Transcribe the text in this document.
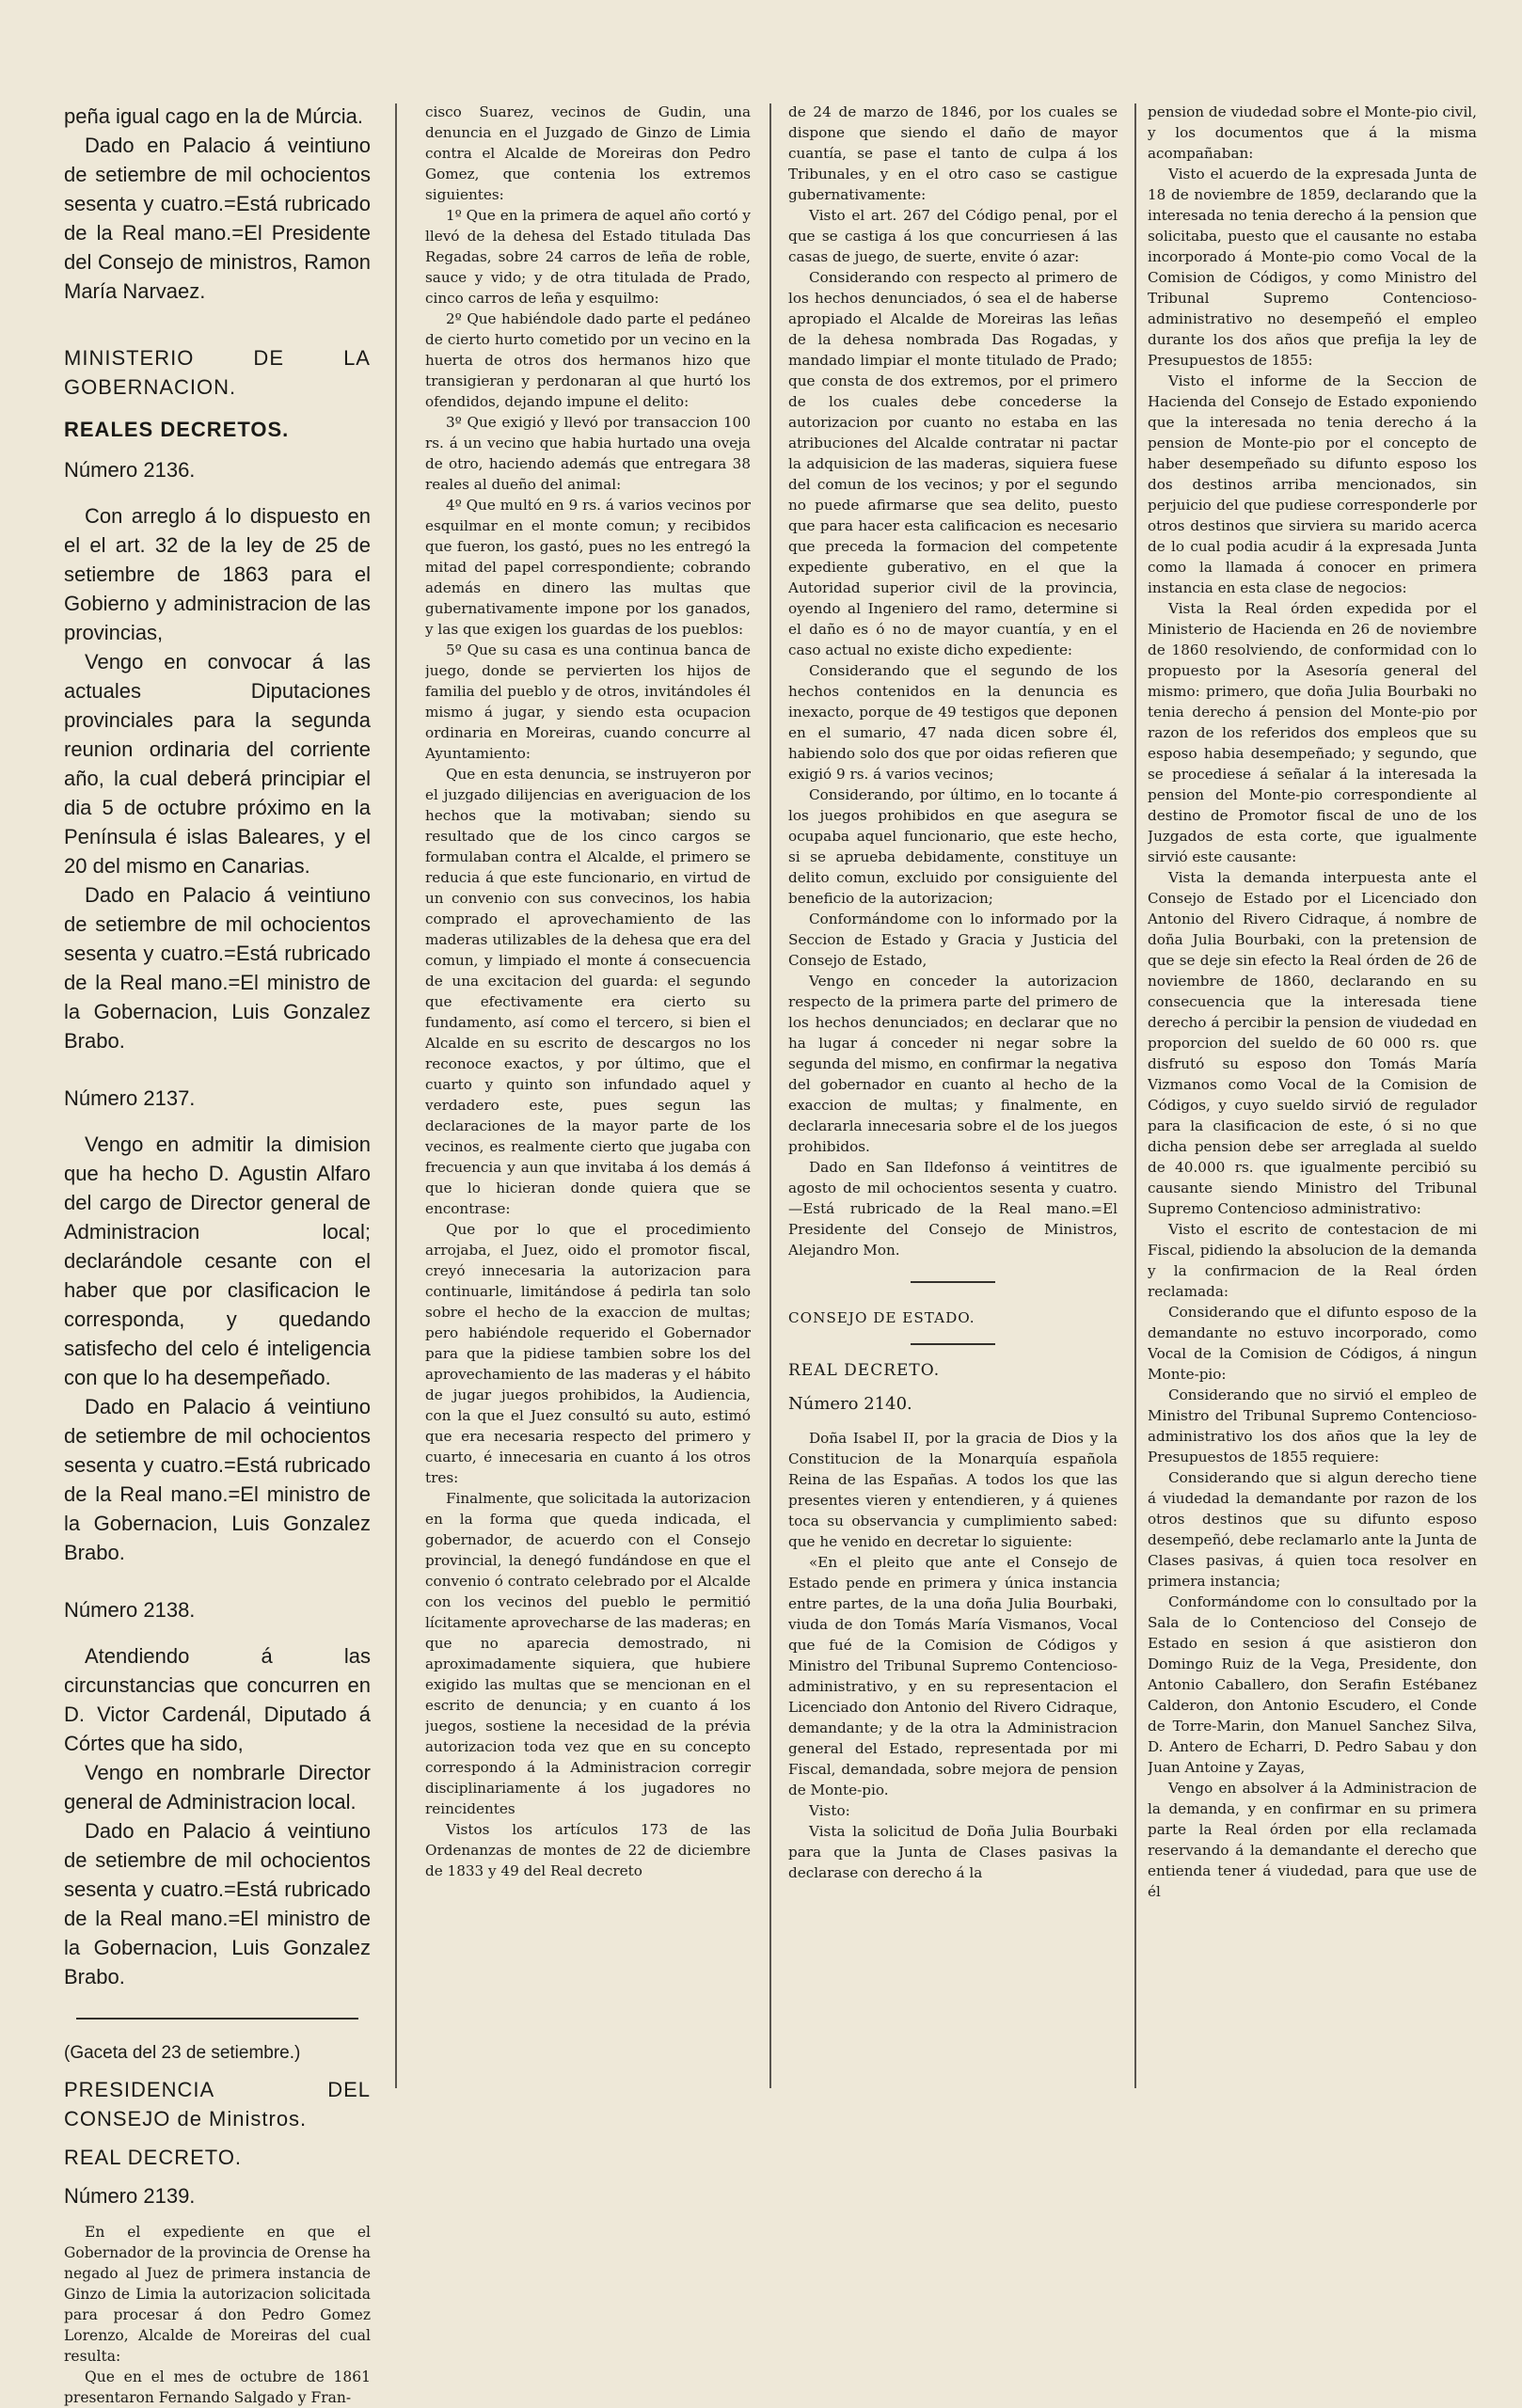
peña igual cago en la de Múrcia.

Dado en Palacio á veintiuno de setiembre de mil ochocientos sesenta y cuatro.=Está rubricado de la Real mano.=El Presidente del Consejo de ministros, Ramon María Narvaez.

MINISTERIO DE LA GOBERNACION.

REALES DECRETOS.

Número 2136.

Con arreglo á lo dispuesto en el el art. 32 de la ley de 25 de setiembre de 1863 para el Gobierno y administracion de las provincias,

Vengo en convocar á las actuales Diputaciones provinciales para la segunda reunion ordinaria del corriente año, la cual deberá principiar el dia 5 de octubre próximo en la Península é islas Baleares, y el 20 del mismo en Canarias.

Dado en Palacio á veintiuno de setiembre de mil ochocientos sesenta y cuatro.=Está rubricado de la Real mano.=El ministro de la Gobernacion, Luis Gonzalez Brabo.

Número 2137.

Vengo en admitir la dimision que ha hecho D. Agustin Alfaro del cargo de Director general de Administracion local; declarándole cesante con el haber que por clasificacion le corresponda, y quedando satisfecho del celo é inteligencia con que lo ha desempeñado.

Dado en Palacio á veintiuno de setiembre de mil ochocientos sesenta y cuatro.=Está rubricado de la Real mano.=El ministro de la Gobernacion, Luis Gonzalez Brabo.

Número 2138.

Atendiendo á las circunstancias que concurren en D. Victor Cardenál, Diputado á Córtes que ha sido,

Vengo en nombrarle Director general de Administracion local.

Dado en Palacio á veintiuno de setiembre de mil ochocientos sesenta y cuatro.=Está rubricado de la Real mano.=El ministro de la Gobernacion, Luis Gonzalez Brabo.

(Gaceta del 23 de setiembre.)

PRESIDENCIA DEL CONSEJO de Ministros.

REAL DECRETO.

Número 2139.

En el expediente en que el Gobernador de la provincia de Orense ha negado al Juez de primera instancia de Ginzo de Limia la autorizacion solicitada para procesar á don Pedro Gomez Lorenzo, Alcalde de Moreiras del cual resulta:

Que en el mes de octubre de 1861 presentaron Fernando Salgado y Fran-

cisco Suarez, vecinos de Gudin, una denuncia en el Juzgado de Ginzo de Limia contra el Alcalde de Moreiras don Pedro Gomez, que contenia los extremos siguientes:

1º Que en la primera de aquel año cortó y llevó de la dehesa del Estado titulada Das Regadas, sobre 24 carros de leña de roble, sauce y vido; y de otra titulada de Prado, cinco carros de leña y esquilmo:

2º Que habiéndole dado parte el pedáneo de cierto hurto cometido por un vecino en la huerta de otros dos hermanos hizo que transigieran y perdonaran al que hurtó los ofendidos, dejando impune el delito:

3º Que exigió y llevó por transaccion 100 rs. á un vecino que habia hurtado una oveja de otro, haciendo además que entregara 38 reales al dueño del animal:

4º Que multó en 9 rs. á varios vecinos por esquilmar en el monte comun; y recibidos que fueron, los gastó, pues no les entregó la mitad del papel correspondiente; cobrando además en dinero las multas que gubernativamente impone por los ganados, y las que exigen los guardas de los pueblos:

5º Que su casa es una continua banca de juego, donde se pervierten los hijos de familia del pueblo y de otros, invitándoles él mismo á jugar, y siendo esta ocupacion ordinaria en Moreiras, cuando concurre al Ayuntamiento:

Que en esta denuncia, se instruyeron por el juzgado dilijencias en averiguacion de los hechos que la motivaban; siendo su resultado que de los cinco cargos se formulaban contra el Alcalde, el primero se reducia á que este funcionario, en virtud de un convenio con sus convecinos, los habia comprado el aprovechamiento de las maderas utilizables de la dehesa que era del comun, y limpiado el monte á consecuencia de una excitacion del guarda: el segundo que efectivamente era cierto su fundamento, así como el tercero, si bien el Alcalde en su escrito de descargos no los reconoce exactos, y por último, que el cuarto y quinto son infundado aquel y verdadero este, pues segun las declaraciones de la mayor parte de los vecinos, es realmente cierto que jugaba con frecuencia y aun que invitaba á los demás á que lo hicieran donde quiera que se encontrase:

Que por lo que el procedimiento arrojaba, el Juez, oido el promotor fiscal, creyó innecesaria la autorizacion para continuarle, limitándose á pedirla tan solo sobre el hecho de la exaccion de multas; pero habiéndole requerido el Gobernador para que la pidiese tambien sobre los del aprovechamiento de las maderas y el hábito de jugar juegos prohibidos, la Audiencia, con la que el Juez consultó su auto, estimó que era necesaria respecto del primero y cuarto, é innecesaria en cuanto á los otros tres:

Finalmente, que solicitada la autorizacion en la forma que queda indicada, el gobernador, de acuerdo con el Consejo provincial, la denegó fundándose en que el convenio ó contrato celebrado por el Alcalde con los vecinos del pueblo le permitió lícitamente aprovecharse de las maderas; en que no aparecia demostrado, ni aproximadamente siquiera, que hubiere exigido las multas que se mencionan en el escrito de denuncia; y en cuanto á los juegos, sostiene la necesidad de la prévia autorizacion toda vez que en su concepto correspondo á la Administracion corregir disciplinariamente á los jugadores no reincidentes

Vistos los artículos 173 de las Ordenanzas de montes de 22 de diciembre de 1833 y 49 del Real decreto

de 24 de marzo de 1846, por los cuales se dispone que siendo el daño de mayor cuantía, se pase el tanto de culpa á los Tribunales, y en el otro caso se castigue gubernativamente:

Visto el art. 267 del Código penal, por el que se castiga á los que concurriesen á las casas de juego, de suerte, envite ó azar:

Considerando con respecto al primero de los hechos denunciados, ó sea el de haberse apropiado el Alcalde de Moreiras las leñas de la dehesa nombrada Das Rogadas, y mandado limpiar el monte titulado de Prado; que consta de dos extremos, por el primero de los cuales debe concederse la autorizacion por cuanto no estaba en las atribuciones del Alcalde contratar ni pactar la adquisicion de las maderas, siquiera fuese del comun de los vecinos; y por el segundo no puede afirmarse que sea delito, puesto que para hacer esta calificacion es necesario que preceda la formacion del competente expediente guberativo, en el que la Autoridad superior civil de la provincia, oyendo al Ingeniero del ramo, determine si el daño es ó no de mayor cuantía, y en el caso actual no existe dicho expediente:

Considerando que el segundo de los hechos contenidos en la denuncia es inexacto, porque de 49 testigos que deponen en el sumario, 47 nada dicen sobre él, habiendo solo dos que por oidas refieren que exigió 9 rs. á varios vecinos;

Considerando, por último, en lo tocante á los juegos prohibidos en que asegura se ocupaba aquel funcionario, que este hecho, si se aprueba debidamente, constituye un delito comun, excluido por consiguiente del beneficio de la autorizacion;

Conformándome con lo informado por la Seccion de Estado y Gracia y Justicia del Consejo de Estado,

Vengo en conceder la autorizacion respecto de la primera parte del primero de los hechos denunciados; en declarar que no ha lugar á conceder ni negar sobre la segunda del mismo, en confirmar la negativa del gobernador en cuanto al hecho de la exaccion de multas; y finalmente, en declararla innecesaria sobre el de los juegos prohibidos.

Dado en San Ildefonso á veintitres de agosto de mil ochocientos sesenta y cuatro.—Está rubricado de la Real mano.=El Presidente del Consejo de Ministros, Alejandro Mon.

CONSEJO DE ESTADO.

REAL DECRETO.

Número 2140.

Doña Isabel II, por la gracia de Dios y la Constitucion de la Monarquía española Reina de las Españas. A todos los que las presentes vieren y entendieren, y á quienes toca su observancia y cumplimiento sabed: que he venido en decretar lo siguiente:

«En el pleito que ante el Consejo de Estado pende en primera y única instancia entre partes, de la una doña Julia Bourbaki, viuda de don Tomás María Vismanos, Vocal que fué de la Comision de Códigos y Ministro del Tribunal Supremo Contencioso-administrativo, y en su representacion el Licenciado don Antonio del Rivero Cidraque, demandante; y de la otra la Administracion general del Estado, representada por mi Fiscal, demandada, sobre mejora de pension de Monte-pio.

Visto:

Vista la solicitud de Doña Julia Bourbaki para que la Junta de Clases pasivas la declarase con derecho á la

pension de viudedad sobre el Monte-pio civil, y los documentos que á la misma acompañaban:

Visto el acuerdo de la expresada Junta de 18 de noviembre de 1859, declarando que la interesada no tenia derecho á la pension que solicitaba, puesto que el causante no estaba incorporado á Monte-pio como Vocal de la Comision de Códigos, y como Ministro del Tribunal Supremo Contencioso-administrativo no desempeñó el empleo durante los dos años que prefija la ley de Presupuestos de 1855:

Visto el informe de la Seccion de Hacienda del Consejo de Estado exponiendo que la interesada no tenia derecho á la pension de Monte-pio por el concepto de haber desempeñado su difunto esposo los dos destinos arriba mencionados, sin perjuicio del que pudiese corresponderle por otros destinos que sirviera su marido acerca de lo cual podia acudir á la expresada Junta como la llamada á conocer en primera instancia en esta clase de negocios:

Vista la Real órden expedida por el Ministerio de Hacienda en 26 de noviembre de 1860 resolviendo, de conformidad con lo propuesto por la Asesoría general del mismo: primero, que doña Julia Bourbaki no tenia derecho á pension del Monte-pio por razon de los referidos dos empleos que su esposo habia desempeñado; y segundo, que se procediese á señalar á la interesada la pension del Monte-pio correspondiente al destino de Promotor fiscal de uno de los Juzgados de esta corte, que igualmente sirvió este causante:

Vista la demanda interpuesta ante el Consejo de Estado por el Licenciado don Antonio del Rivero Cidraque, á nombre de doña Julia Bourbaki, con la pretension de que se deje sin efecto la Real órden de 26 de noviembre de 1860, declarando en su consecuencia que la interesada tiene derecho á percibir la pension de viudedad en proporcion del sueldo de 60 000 rs. que disfrutó su esposo don Tomás María Vizmanos como Vocal de la Comision de Códigos, y cuyo sueldo sirvió de regulador para la clasificacion de este, ó si no que dicha pension debe ser arreglada al sueldo de 40.000 rs. que igualmente percibió su causante siendo Ministro del Tribunal Supremo Contencioso administrativo:

Visto el escrito de contestacion de mi Fiscal, pidiendo la absolucion de la demanda y la confirmacion de la Real órden reclamada:

Considerando que el difunto esposo de la demandante no estuvo incorporado, como Vocal de la Comision de Códigos, á ningun Monte-pio:

Considerando que no sirvió el empleo de Ministro del Tribunal Supremo Contencioso-administrativo los dos años que la ley de Presupuestos de 1855 requiere:

Considerando que si algun derecho tiene á viudedad la demandante por razon de los otros destinos que su difunto esposo desempeñó, debe reclamarlo ante la Junta de Clases pasivas, á quien toca resolver en primera instancia;

Conformándome con lo consultado por la Sala de lo Contencioso del Consejo de Estado en sesion á que asistieron don Domingo Ruiz de la Vega, Presidente, don Antonio Caballero, don Serafin Estébanez Calderon, don Antonio Escudero, el Conde de Torre-Marin, don Manuel Sanchez Silva, D. Antero de Echarri, D. Pedro Sabau y don Juan Antoine y Zayas,

Vengo en absolver á la Administracion de la demanda, y en confirmar en su primera parte la Real órden por ella reclamada reservando á la demandante el derecho que entienda tener á viudedad, para que use de él
